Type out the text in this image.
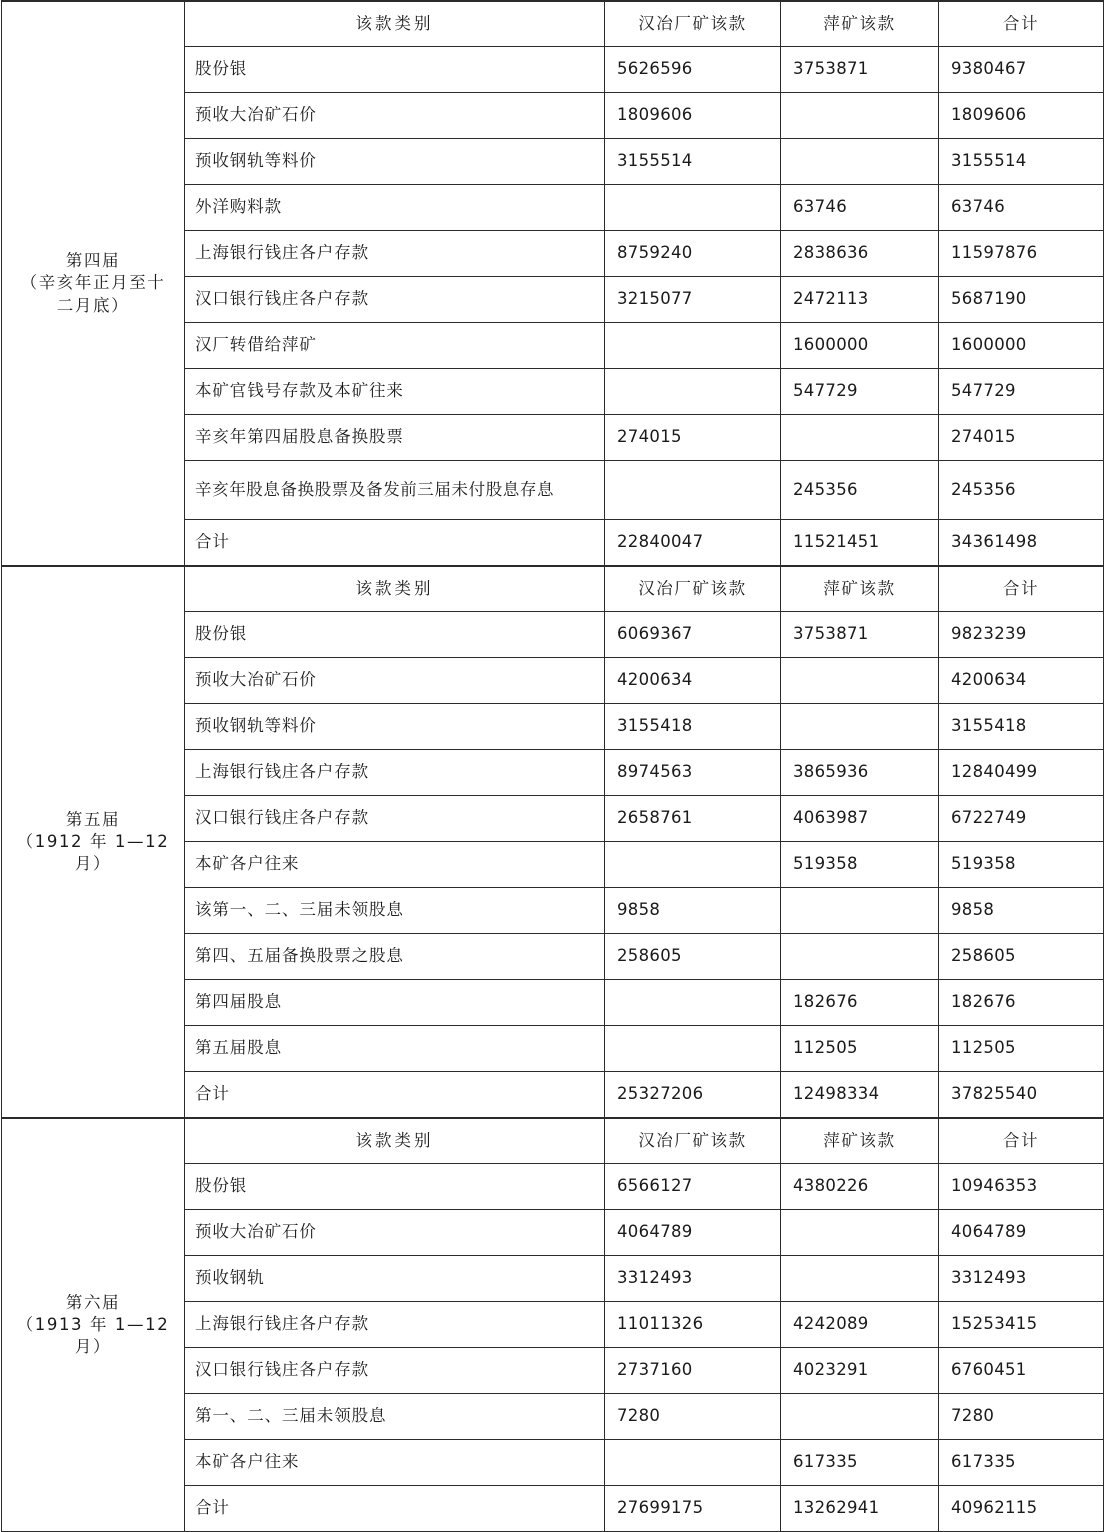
第四届
（辛亥年正月至十二月底）	该款类别	汉冶厂矿该款	萍矿该款	合计
	股份银	5626596	3753871	9380467
	预收大冶矿石价	1809606		1809606
	预收钢轨等料价	3155514		3155514
	外洋购料款		63746	63746
	上海银行钱庄各户存款	8759240	2838636	11597876
	汉口银行钱庄各户存款	3215077	2472113	5687190
	汉厂转借给萍矿		1600000	1600000
	本矿官钱号存款及本矿往来		547729	547729
	辛亥年第四届股息备换股票	274015		274015
	辛亥年股息备换股票及备发前三届未付股息存息		245356	245356
	合计	22840047	11521451	34361498

第五届
（1912 年 1—12 月）	该款类别	汉冶厂矿该款	萍矿该款	合计
	股份银	6069367	3753871	9823239
	预收大冶矿石价	4200634		4200634
	预收钢轨等料价	3155418		3155418
	上海银行钱庄各户存款	8974563	3865936	12840499
	汉口银行钱庄各户存款	2658761	4063987	6722749
	本矿各户往来		519358	519358
	该第一、二、三届未领股息	9858		9858
	第四、五届备换股票之股息	258605		258605
	第四届股息		182676	182676
	第五届股息		112505	112505
	合计	25327206	12498334	37825540

第六届
（1913 年 1—12 月）	该款类别	汉冶厂矿该款	萍矿该款	合计
	股份银	6566127	4380226	10946353
	预收大冶矿石价	4064789		4064789
	预收钢轨	3312493		3312493
	上海银行钱庄各户存款	11011326	4242089	15253415
	汉口银行钱庄各户存款	2737160	4023291	6760451
	第一、二、三届未领股息	7280		7280
	本矿各户往来		617335	617335
	合计	27699175	13262941	40962115
